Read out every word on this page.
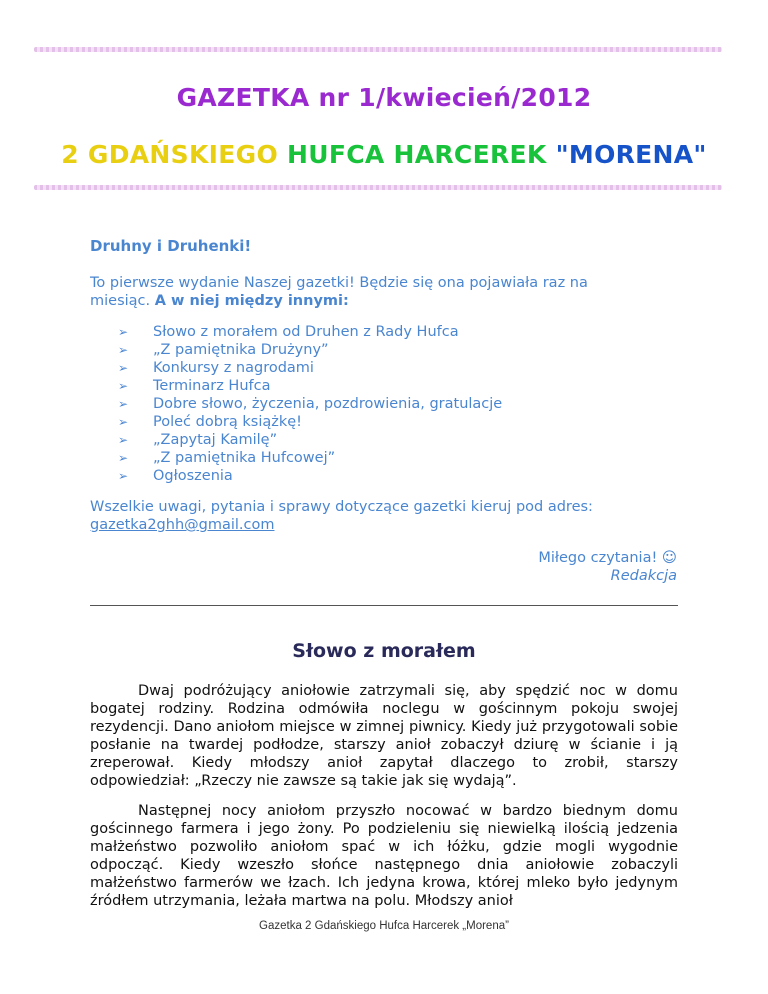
GAZETKA nr 1/kwiecień/2012
2 GDAŃSKIEGO HUFCA HARCEREK "MORENA"
Druhny i Druhenki!
To pierwsze wydanie Naszej gazetki! Będzie się ona pojawiała raz na miesiąc. A w niej między innymi:
➢ Słowo z morałem od Druhen z Rady Hufca
➢ „Z pamiętnika Drużyny”
➢ Konkursy z nagrodami
➢ Terminarz Hufca
➢ Dobre słowo, życzenia, pozdrowienia, gratulacje
➢ Poleć dobrą książkę!
➢ „Zapytaj Kamilę”
➢ „Z pamiętnika Hufcowej”
➢ Ogłoszenia
Wszelkie uwagi, pytania i sprawy dotyczące gazetki kieruj pod adres:
gazetka2ghh@gmail.com
Miłego czytania! ☺
Redakcja
Słowo z morałem
Dwaj podróżujący aniołowie zatrzymali się, aby spędzić noc w domu bogatej rodziny. Rodzina odmówiła noclegu w gościnnym pokoju swojej rezydencji. Dano aniołom miejsce w zimnej piwnicy. Kiedy już przygotowali sobie posłanie na twardej podłodze, starszy anioł zobaczył dziurę w ścianie i ją zreperował. Kiedy młodszy anioł zapytał dlaczego to zrobił, starszy odpowiedział: „Rzeczy nie zawsze są takie jak się wydają”.
Następnej nocy aniołom przyszło nocować w bardzo biednym domu gościnnego farmera i jego żony. Po podzieleniu się niewielką ilością jedzenia małżeństwo pozwoliło aniołom spać w ich łóżku, gdzie mogli wygodnie odpocząć. Kiedy wzeszło słońce następnego dnia aniołowie zobaczyli małżeństwo farmerów we łzach. Ich jedyna krowa, której mleko było jedynym źródłem utrzymania, leżała martwa na polu. Młodszy anioł
Gazetka 2 Gdańskiego Hufca Harcerek „Morena”
